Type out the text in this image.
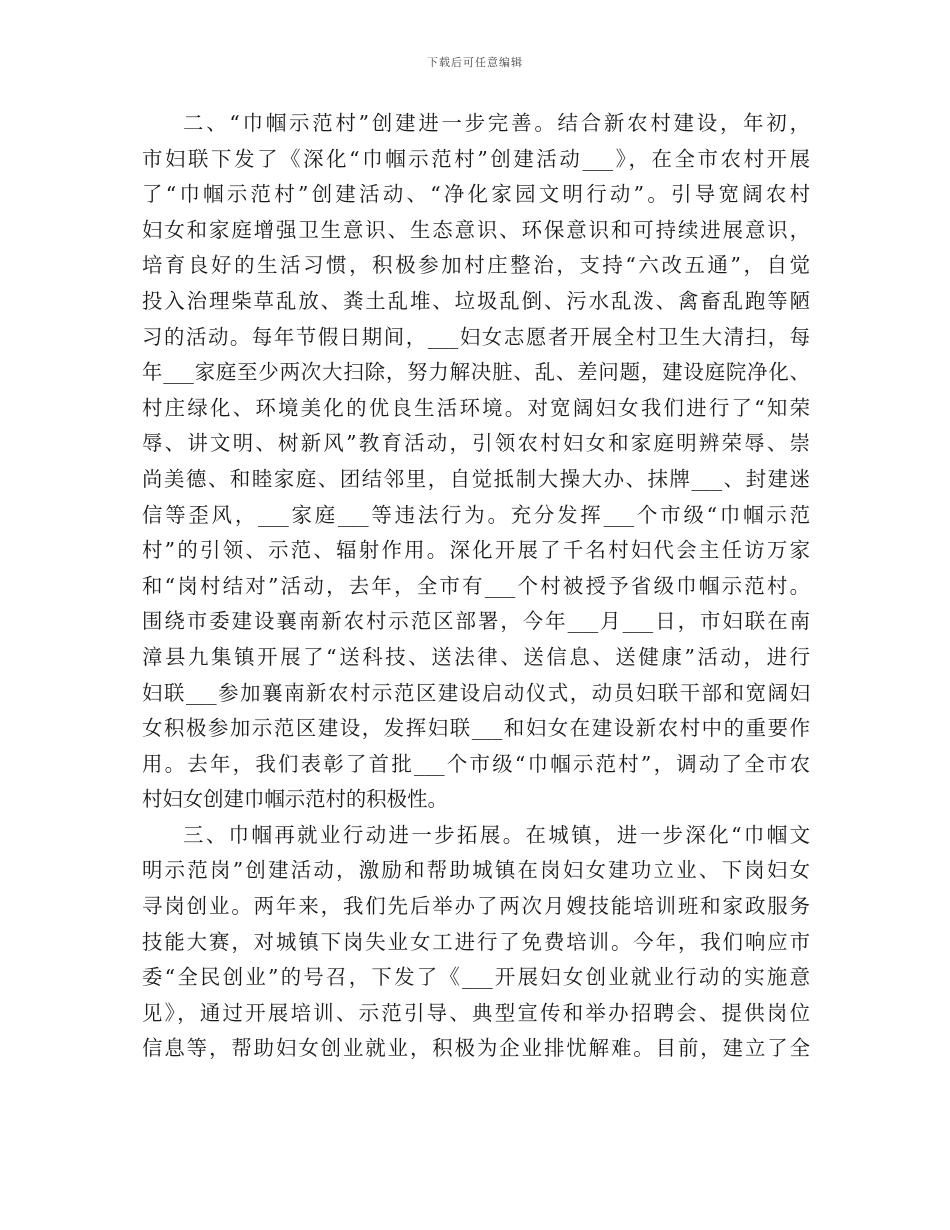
下载后可任意编辑
二、“巾帼示范村”创建进一步完善。结合新农村建设，年初，
市妇联下发了《深化“巾帼示范村”创建活动___》，在全市农村开展
了“巾帼示范村”创建活动、“净化家园文明行动”。引导宽阔农村
妇女和家庭增强卫生意识、生态意识、环保意识和可持续进展意识，
培育良好的生活习惯，积极参加村庄整治，支持“六改五通”，自觉
投入治理柴草乱放、粪土乱堆、垃圾乱倒、污水乱泼、禽畜乱跑等陋
习的活动。每年节假日期间，___妇女志愿者开展全村卫生大清扫，每
年___家庭至少两次大扫除，努力解决脏、乱、差问题，建设庭院净化、
村庄绿化、环境美化的优良生活环境。对宽阔妇女我们进行了“知荣
辱、讲文明、树新风”教育活动，引领农村妇女和家庭明辨荣辱、崇
尚美德、和睦家庭、团结邻里，自觉抵制大操大办、抹牌___、封建迷
信等歪风，___家庭___等违法行为。充分发挥___个市级“巾帼示范
村”的引领、示范、辐射作用。深化开展了千名村妇代会主任访万家
和“岗村结对”活动，去年，全市有___个村被授予省级巾帼示范村。
围绕市委建设襄南新农村示范区部署，今年___月___日，市妇联在南
漳县九集镇开展了“送科技、送法律、送信息、送健康”活动，进行
妇联___参加襄南新农村示范区建设启动仪式，动员妇联干部和宽阔妇
女积极参加示范区建设，发挥妇联___和妇女在建设新农村中的重要作
用。去年，我们表彰了首批___个市级“巾帼示范村”，调动了全市农
村妇女创建巾帼示范村的积极性。
三、巾帼再就业行动进一步拓展。在城镇，进一步深化“巾帼文
明示范岗”创建活动，激励和帮助城镇在岗妇女建功立业、下岗妇女
寻岗创业。两年来，我们先后举办了两次月嫂技能培训班和家政服务
技能大赛，对城镇下岗失业女工进行了免费培训。今年，我们响应市
委“全民创业”的号召，下发了《___开展妇女创业就业行动的实施意
见》，通过开展培训、示范引导、典型宣传和举办招聘会、提供岗位
信息等，帮助妇女创业就业，积极为企业排忧解难。目前，建立了全
